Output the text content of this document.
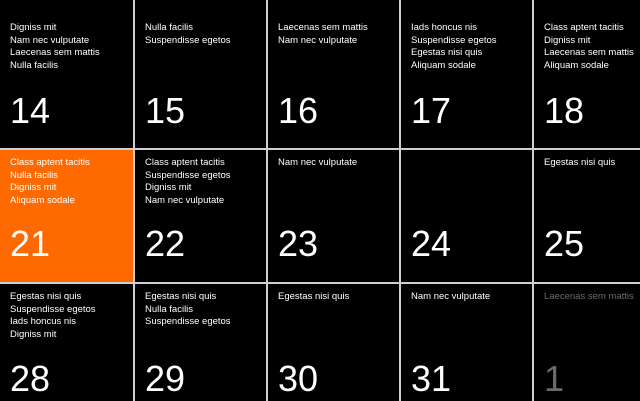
Digniss mit
Nam nec vulputate
Laecenas sem mattis
Nulla facilis
14
Nulla facilis
Suspendisse egetos
15
Laecenas sem mattis
Nam nec vulputate
16
Iads honcus nis
Suspendisse egetos
Egestas nisi quis
Aliquam sodale
17
Class aptent tacitis
Digniss mit
Laecenas sem mattis
Aliquam sodale
18
Class aptent tacitis
Nulla facilis
Digniss mit
Aliquam sodale
21
Class aptent tacitis
Suspendisse egetos
Digniss mit
Nam nec vulputate
22
Nam nec vulputate
23	24
Egestas nisi quis
25
Egestas nisi quis
Suspendisse egetos
Iads honcus nis
Digniss mit
28
Egestas nisi quis
Nulla facilis
Suspendisse egetos
29
Egestas nisi quis
30
Nam nec vulputate
31
Laecenas sem mattis
1
